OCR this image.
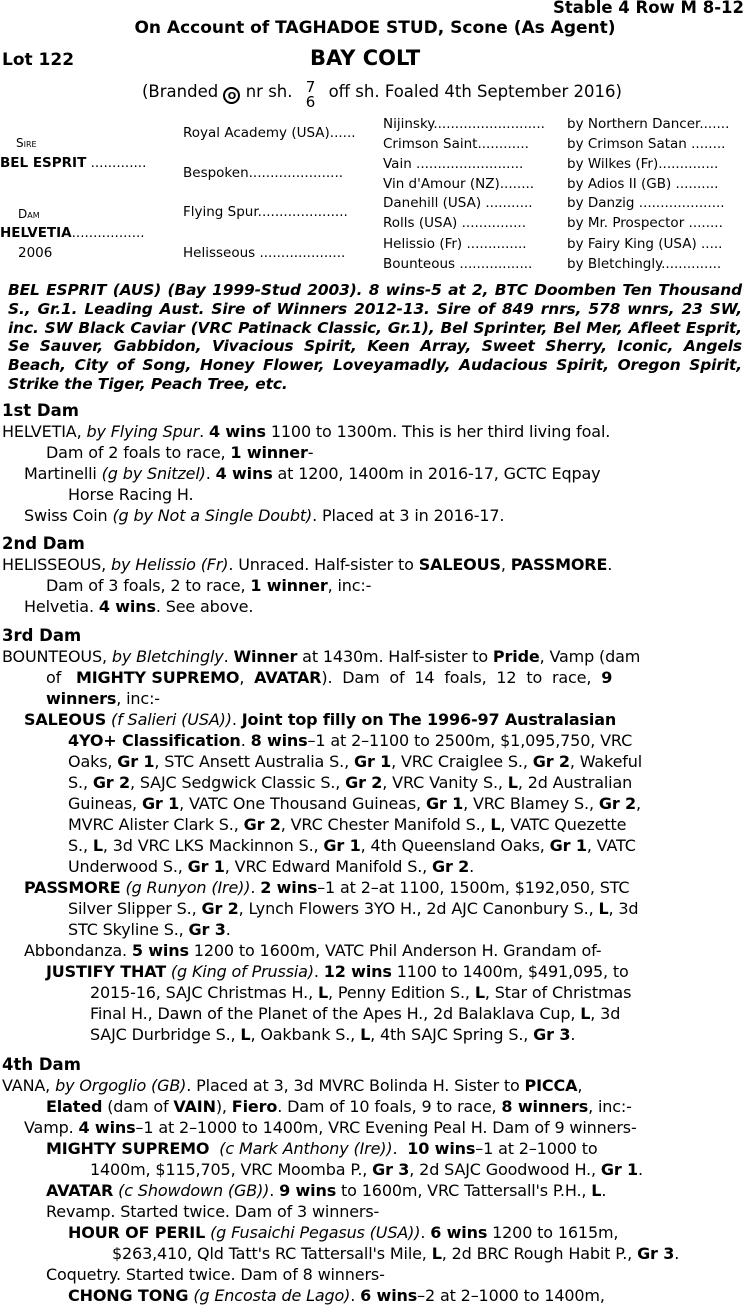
Stable 4 Row M 8-12
On Account of TAGHADOE STUD, Scone (As Agent)
Lot 122	BAY COLT
(Branded O nr sh. 7
6
off sh. Foaled 4th September 2016)
Sire
BEL ESPRIT .............
Dam
HELVETIA.................
2006
Royal Academy (USA)......
Bespoken......................
Flying Spur.....................
Helisseous ....................
Nijinsky..........................
Crimson Saint............
Vain .........................
Vin d'Amour (NZ)........
Danehill (USA) ...........
Rolls (USA) ...............
Helissio (Fr) ..............
Bounteous .................
by Northern Dancer.......
by Crimson Satan ........
by Wilkes (Fr)..............
by Adios II (GB) ..........
by Danzig ....................
by Mr. Prospector ........
by Fairy King (USA) .....
by Bletchingly..............
BEL ESPRIT (AUS) (Bay 1999-Stud 2003). 8 wins-5 at 2, BTC Doomben Ten Thousand S., Gr.1. Leading Aust. Sire of Winners 2012-13. Sire of 849 rnrs, 578 wnrs, 23 SW, inc. SW Black Caviar (VRC Patinack Classic, Gr.1), Bel Sprinter, Bel Mer, Afleet Esprit, Se Sauver, Gabbidon, Vivacious Spirit, Keen Array, Sweet Sherry, Iconic, Angels Beach, City of Song, Honey Flower, Loveyamadly, Audacious Spirit, Oregon Spirit, Strike the Tiger, Peach Tree, etc.
1st Dam
HELVETIA, by Flying Spur. 4 wins 1100 to 1300m. This is her third living foal.
Dam of 2 foals to race, 1 winner-
Martinelli (g by Snitzel). 4 wins at 1200, 1400m in 2016-17, GCTC Eqpay
Horse Racing H.
Swiss Coin (g by Not a Single Doubt). Placed at 3 in 2016-17.
2nd Dam
HELISSEOUS, by Helissio (Fr). Unraced. Half-sister to SALEOUS, PASSMORE.
Dam of 3 foals, 2 to race, 1 winner, inc:-
Helvetia. 4 wins. See above.
3rd Dam
BOUNTEOUS, by Bletchingly. Winner at 1430m. Half-sister to Pride, Vamp (dam
of   MIGHTY SUPREMO,  AVATAR).  Dam  of  14  foals,  12  to  race,  9
winners, inc:-
SALEOUS (f Salieri (USA)). Joint top filly on The 1996-97 Australasian
4YO+ Classification. 8 wins–1 at 2–1100 to 2500m, $1,095,750, VRC
Oaks, Gr 1, STC Ansett Australia S., Gr 1, VRC Craiglee S., Gr 2, Wakeful
S., Gr 2, SAJC Sedgwick Classic S., Gr 2, VRC Vanity S., L, 2d Australian
Guineas, Gr 1, VATC One Thousand Guineas, Gr 1, VRC Blamey S., Gr 2,
MVRC Alister Clark S., Gr 2, VRC Chester Manifold S., L, VATC Quezette
S., L, 3d VRC LKS Mackinnon S., Gr 1, 4th Queensland Oaks, Gr 1, VATC
Underwood S., Gr 1, VRC Edward Manifold S., Gr 2.
PASSMORE (g Runyon (Ire)). 2 wins–1 at 2–at 1100, 1500m, $192,050, STC
Silver Slipper S., Gr 2, Lynch Flowers 3YO H., 2d AJC Canonbury S., L, 3d
STC Skyline S., Gr 3.
Abbondanza. 5 wins 1200 to 1600m, VATC Phil Anderson H. Grandam of-
JUSTIFY THAT (g King of Prussia). 12 wins 1100 to 1400m, $491,095, to
2015-16, SAJC Christmas H., L, Penny Edition S., L, Star of Christmas
Final H., Dawn of the Planet of the Apes H., 2d Balaklava Cup, L, 3d
SAJC Durbridge S., L, Oakbank S., L, 4th SAJC Spring S., Gr 3.
4th Dam
VANA, by Orgoglio (GB). Placed at 3, 3d MVRC Bolinda H. Sister to PICCA,
Elated (dam of VAIN), Fiero. Dam of 10 foals, 9 to race, 8 winners, inc:-
Vamp. 4 wins–1 at 2–1000 to 1400m, VRC Evening Peal H. Dam of 9 winners-
MIGHTY SUPREMO (c Mark Anthony (Ire)).  10 wins–1 at 2–1000 to
1400m, $115,705, VRC Moomba P., Gr 3, 2d SAJC Goodwood H., Gr 1.
AVATAR (c Showdown (GB)). 9 wins to 1600m, VRC Tattersall's P.H., L.
Revamp. Started twice. Dam of 3 winners-
HOUR OF PERIL (g Fusaichi Pegasus (USA)). 6 wins 1200 to 1615m,
$263,410, Qld Tatt's RC Tattersall's Mile, L, 2d BRC Rough Habit P., Gr 3.
Coquetry. Started twice. Dam of 8 winners-
CHONG TONG (g Encosta de Lago). 6 wins–2 at 2–1000 to 1400m,
